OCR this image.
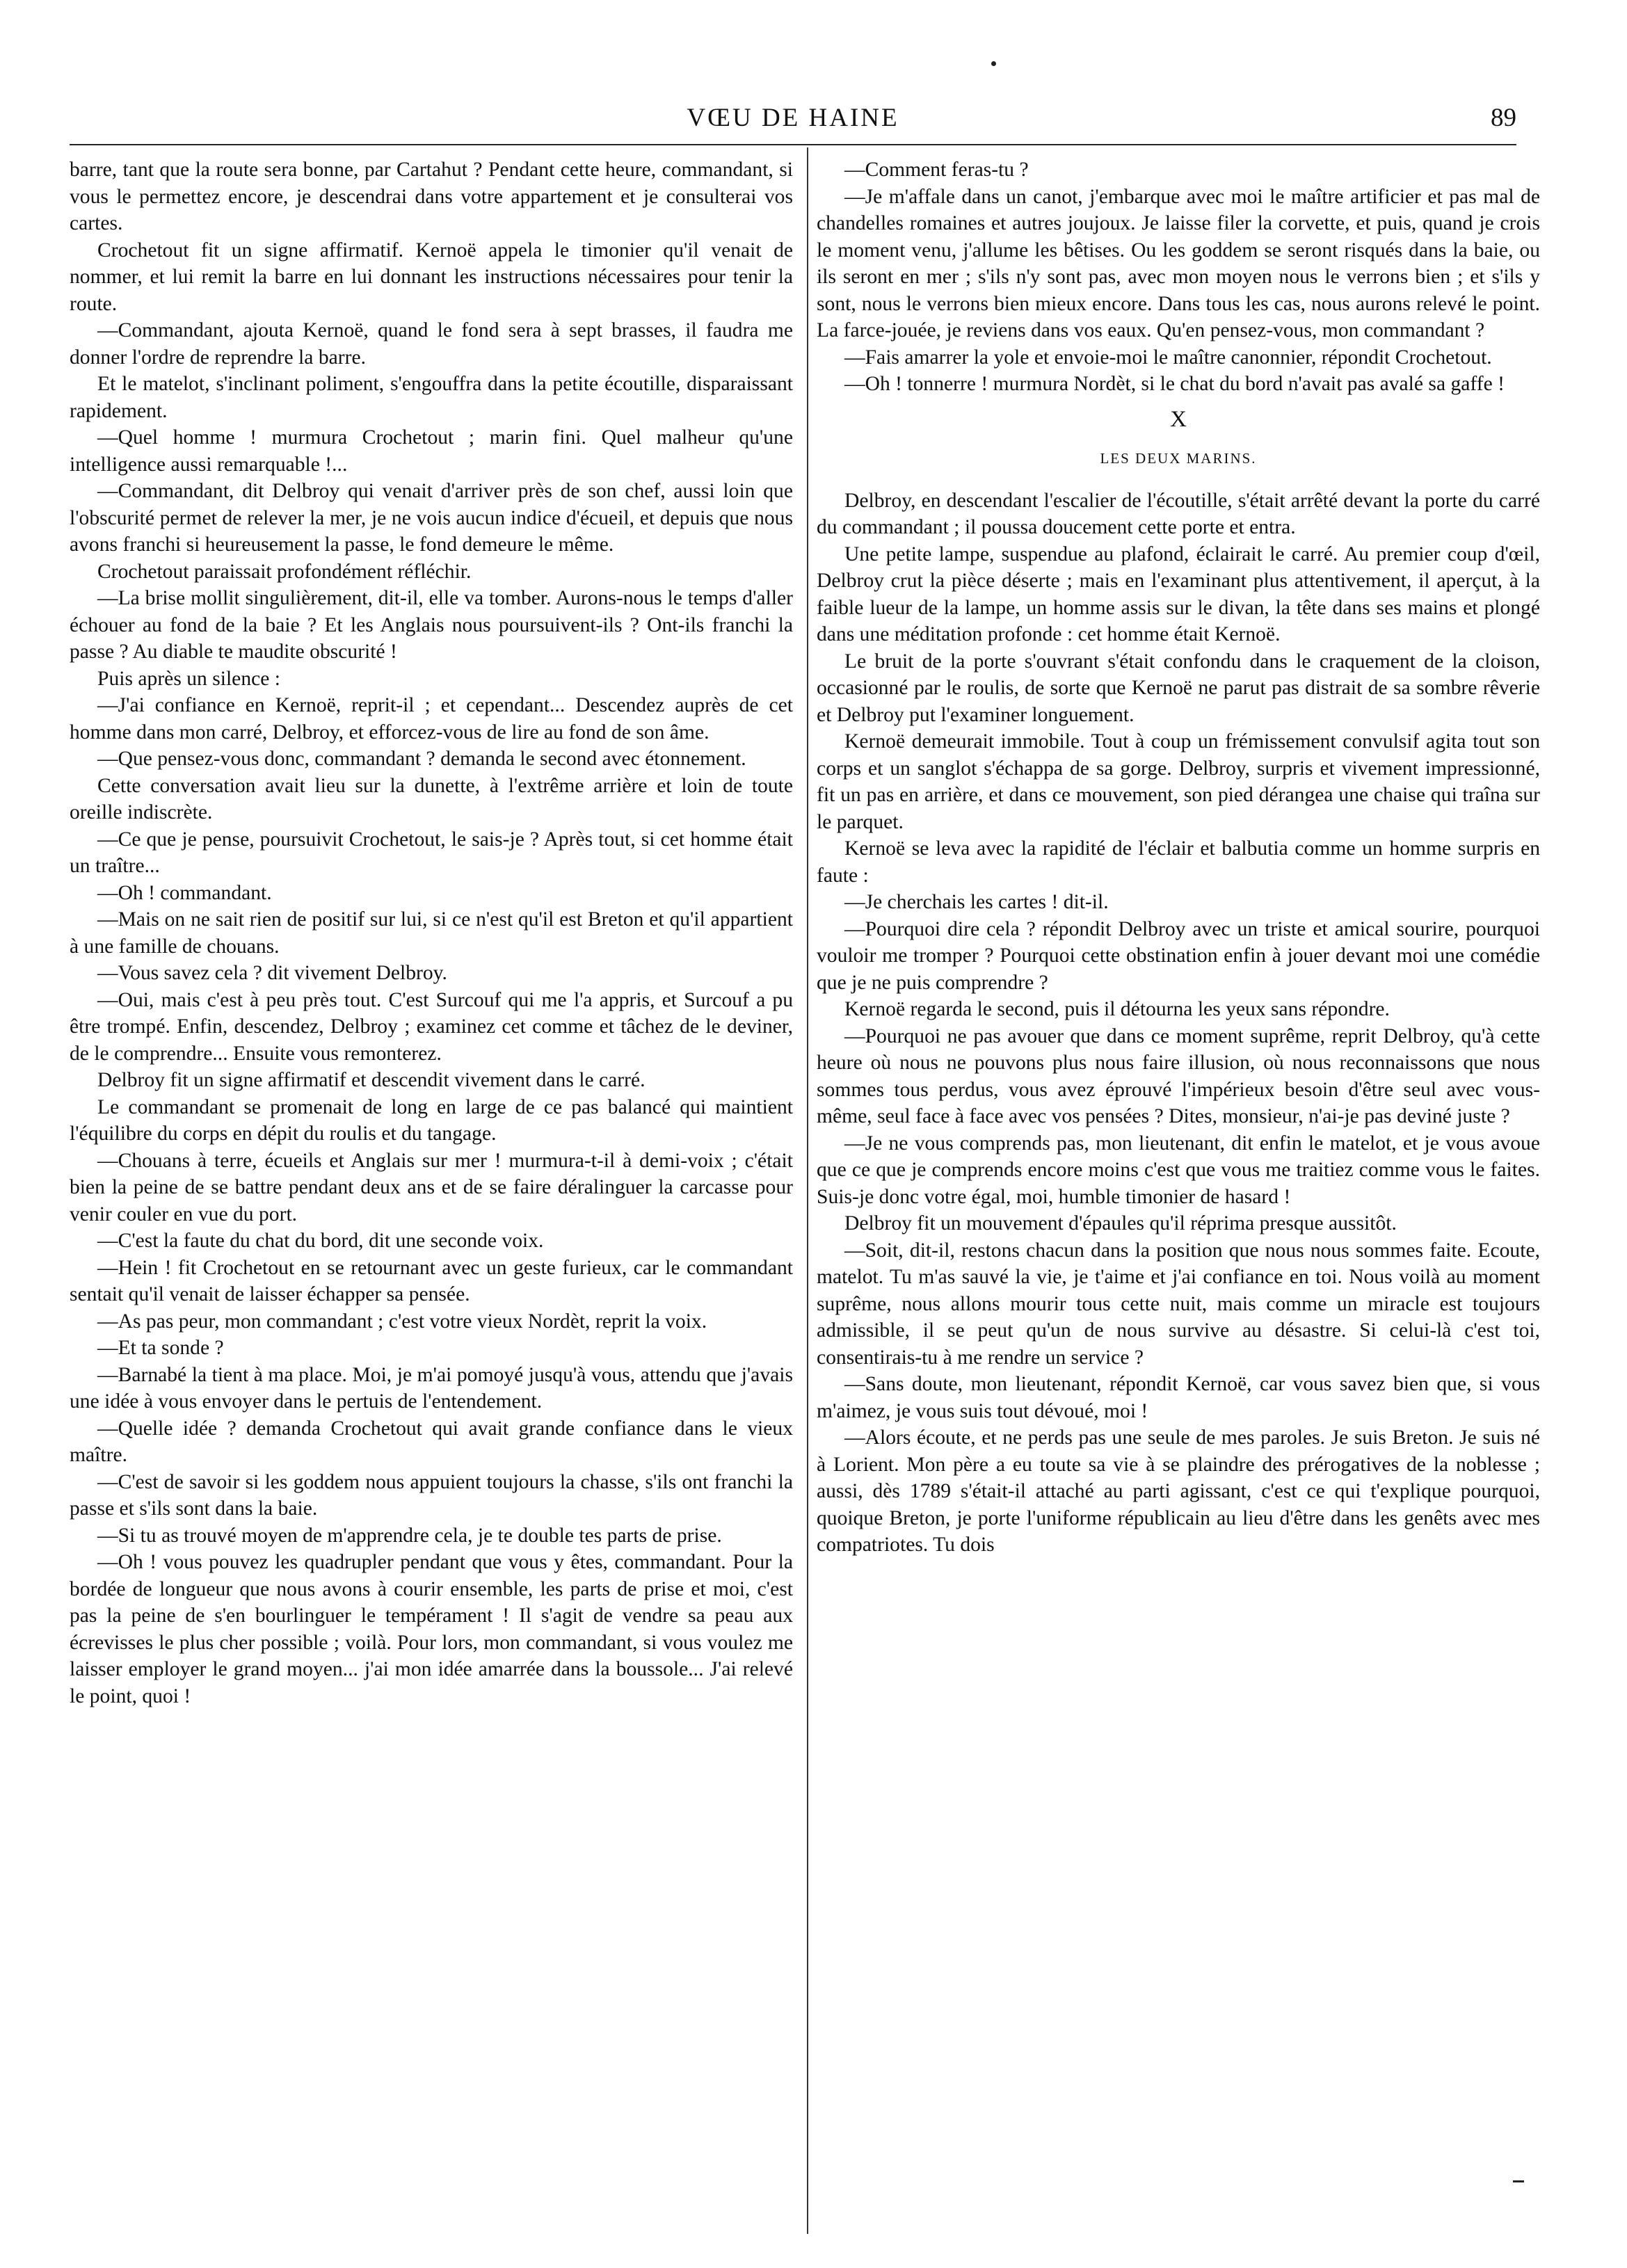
VŒU DE HAINE	89

barre, tant que la route sera bonne, par Cartahut ? Pendant cette heure, commandant, si vous le permettez encore, je descendrai dans votre appartement et je consulterai vos cartes.

Crochetout fit un signe affirmatif. Kernoë appela le timonier qu'il venait de nommer, et lui remit la barre en lui donnant les instructions nécessaires pour tenir la route.

—Commandant, ajouta Kernoë, quand le fond sera à sept brasses, il faudra me donner l'ordre de reprendre la barre.

Et le matelot, s'inclinant poliment, s'engouffra dans la petite écoutille, disparaissant rapidement.

—Quel homme ! murmura Crochetout ; marin fini. Quel malheur qu'une intelligence aussi remarquable !...

—Commandant, dit Delbroy qui venait d'arriver près de son chef, aussi loin que l'obscurité permet de relever la mer, je ne vois aucun indice d'écueil, et depuis que nous avons franchi si heureusement la passe, le fond demeure le même.

Crochetout paraissait profondément réfléchir.

—La brise mollit singulièrement, dit-il, elle va tomber. Aurons-nous le temps d'aller échouer au fond de la baie ? Et les Anglais nous poursuivent-ils ? Ont-ils franchi la passe ? Au diable te maudite obscurité !

Puis après un silence :

—J'ai confiance en Kernoë, reprit-il ; et cependant... Descendez auprès de cet homme dans mon carré, Delbroy, et efforcez-vous de lire au fond de son âme.

—Que pensez-vous donc, commandant ? demanda le second avec étonnement.

Cette conversation avait lieu sur la dunette, à l'extrême arrière et loin de toute oreille indiscrète.

—Ce que je pense, poursuivit Crochetout, le sais-je ? Après tout, si cet homme était un traître...

—Oh ! commandant.

—Mais on ne sait rien de positif sur lui, si ce n'est qu'il est Breton et qu'il appartient à une famille de chouans.

—Vous savez cela ? dit vivement Delbroy.

—Oui, mais c'est à peu près tout. C'est Surcouf qui me l'a appris, et Surcouf a pu être trompé. Enfin, descendez, Delbroy ; examinez cet comme et tâchez de le deviner, de le comprendre... Ensuite vous remonterez.

Delbroy fit un signe affirmatif et descendit vivement dans le carré.

Le commandant se promenait de long en large de ce pas balancé qui maintient l'équilibre du corps en dépit du roulis et du tangage.

—Chouans à terre, écueils et Anglais sur mer ! murmura-t-il à demi-voix ; c'était bien la peine de se battre pendant deux ans et de se faire déralinguer la carcasse pour venir couler en vue du port.

—C'est la faute du chat du bord, dit une seconde voix.

—Hein ! fit Crochetout en se retournant avec un geste furieux, car le commandant sentait qu'il venait de laisser échapper sa pensée.

—As pas peur, mon commandant ; c'est votre vieux Nordèt, reprit la voix.

—Et ta sonde ?

—Barnabé la tient à ma place. Moi, je m'ai pomoyé jusqu'à vous, attendu que j'avais une idée à vous envoyer dans le pertuis de l'entendement.

—Quelle idée ? demanda Crochetout qui avait grande confiance dans le vieux maître.

—C'est de savoir si les goddem nous appuient toujours la chasse, s'ils ont franchi la passe et s'ils sont dans la baie.

—Si tu as trouvé moyen de m'apprendre cela, je te double tes parts de prise.

—Oh ! vous pouvez les quadrupler pendant que vous y êtes, commandant. Pour la bordée de longueur que nous avons à courir ensemble, les parts de prise et moi, c'est pas la peine de s'en bourlinguer le tempérament ! Il s'agit de vendre sa peau aux écrevisses le plus cher possible ; voilà. Pour lors, mon commandant, si vous voulez me laisser employer le grand moyen... j'ai mon idée amarrée dans la boussole... J'ai relevé le point, quoi !

—Comment feras-tu ?

—Je m'affale dans un canot, j'embarque avec moi le maître artificier et pas mal de chandelles romaines et autres joujoux. Je laisse filer la corvette, et puis, quand je crois le moment venu, j'allume les bêtises. Ou les goddem se seront risqués dans la baie, ou ils seront en mer ; s'ils n'y sont pas, avec mon moyen nous le verrons bien ; et s'ils y sont, nous le verrons bien mieux encore. Dans tous les cas, nous aurons relevé le point. La farce-jouée, je reviens dans vos eaux. Qu'en pensez-vous, mon commandant ?

—Fais amarrer la yole et envoie-moi le maître canonnier, répondit Crochetout.

—Oh ! tonnerre ! murmura Nordèt, si le chat du bord n'avait pas avalé sa gaffe !

X
LES DEUX MARINS.

Delbroy, en descendant l'escalier de l'écoutille, s'était arrêté devant la porte du carré du commandant ; il poussa doucement cette porte et entra.

Une petite lampe, suspendue au plafond, éclairait le carré. Au premier coup d'œil, Delbroy crut la pièce déserte ; mais en l'examinant plus attentivement, il aperçut, à la faible lueur de la lampe, un homme assis sur le divan, la tête dans ses mains et plongé dans une méditation profonde : cet homme était Kernoë.

Le bruit de la porte s'ouvrant s'était confondu dans le craquement de la cloison, occasionné par le roulis, de sorte que Kernoë ne parut pas distrait de sa sombre rêverie et Delbroy put l'examiner longuement.

Kernoë demeurait immobile. Tout à coup un frémissement convulsif agita tout son corps et un sanglot s'échappa de sa gorge. Delbroy, surpris et vivement impressionné, fit un pas en arrière, et dans ce mouvement, son pied dérangea une chaise qui traîna sur le parquet.

Kernoë se leva avec la rapidité de l'éclair et balbutia comme un homme surpris en faute :

—Je cherchais les cartes ! dit-il.

—Pourquoi dire cela ? répondit Delbroy avec un triste et amical sourire, pourquoi vouloir me tromper ? Pourquoi cette obstination enfin à jouer devant moi une comédie que je ne puis comprendre ?

Kernoë regarda le second, puis il détourna les yeux sans répondre.

—Pourquoi ne pas avouer que dans ce moment suprême, reprit Delbroy, qu'à cette heure où nous ne pouvons plus nous faire illusion, où nous reconnaissons que nous sommes tous perdus, vous avez éprouvé l'impérieux besoin d'être seul avec vous-même, seul face à face avec vos pensées ? Dites, monsieur, n'ai-je pas deviné juste ?

—Je ne vous comprends pas, mon lieutenant, dit enfin le matelot, et je vous avoue que ce que je comprends encore moins c'est que vous me traitiez comme vous le faites. Suis-je donc votre égal, moi, humble timonier de hasard !

Delbroy fit un mouvement d'épaules qu'il réprima presque aussitôt.

—Soit, dit-il, restons chacun dans la position que nous nous sommes faite. Ecoute, matelot. Tu m'as sauvé la vie, je t'aime et j'ai confiance en toi. Nous voilà au moment suprême, nous allons mourir tous cette nuit, mais comme un miracle est toujours admissible, il se peut qu'un de nous survive au désastre. Si celui-là c'est toi, consentirais-tu à me rendre un service ?

—Sans doute, mon lieutenant, répondit Kernoë, car vous savez bien que, si vous m'aimez, je vous suis tout dévoué, moi !

—Alors écoute, et ne perds pas une seule de mes paroles. Je suis Breton. Je suis né à Lorient. Mon père a eu toute sa vie à se plaindre des prérogatives de la noblesse ; aussi, dès 1789 s'était-il attaché au parti agissant, c'est ce qui t'explique pourquoi, quoique Breton, je porte l'uniforme républicain au lieu d'être dans les genêts avec mes compatriotes. Tu dois
